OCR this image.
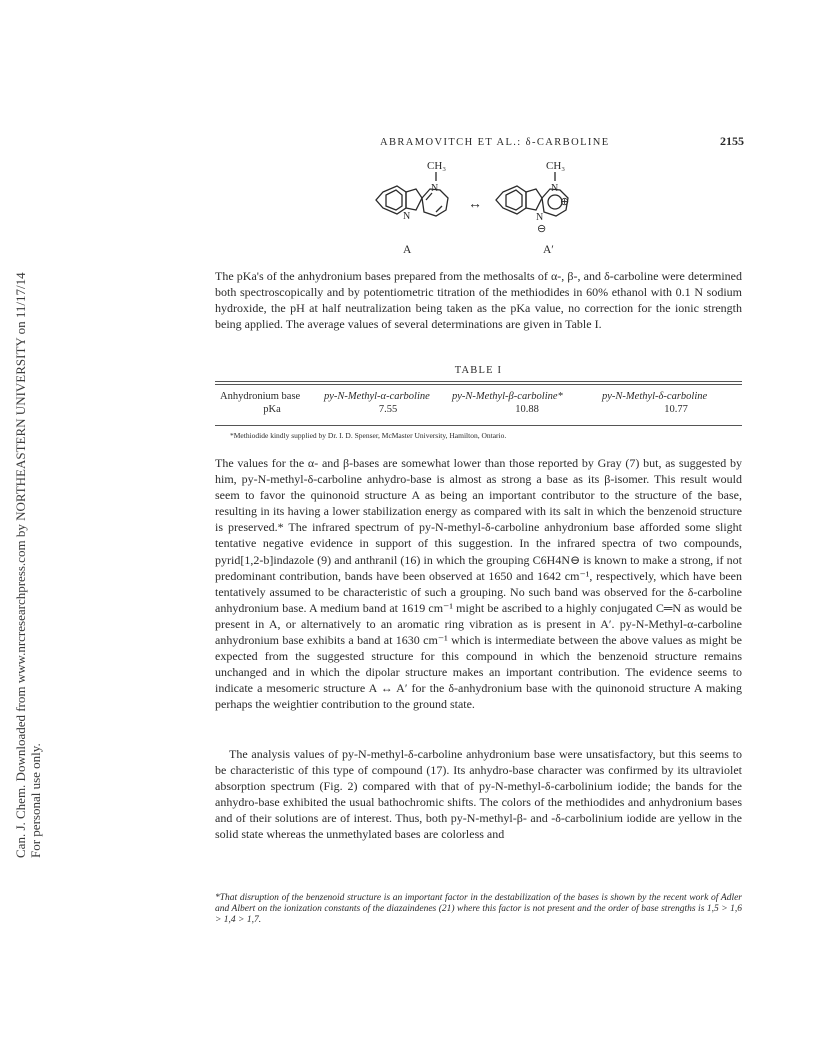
ABRAMOVITCH ET AL.: δ-CARBOLINE	2155
Can. J. Chem. Downloaded from www.nrcresearchpress.com by NORTHEASTERN UNIVERSITY on 11/17/14 For personal use only.
CH₃
N
N
↔
CH₃
N
⊕
N
⊖
A	A′

The pKa's of the anhydronium bases prepared from the methosalts of α-, β-, and δ-carboline were determined both spectroscopically and by potentiometric titration of the methiodides in 60% ethanol with 0.1 N sodium hydroxide, the pH at half neutralization being taken as the pKa value, no correction for the ionic strength being applied. The average values of several determinations are given in Table I.

TABLE I
Anhydronium base	py-N-Methyl-α-carboline	py-N-Methyl-β-carboline*	py-N-Methyl-δ-carboline
pKa	7.55	10.88	10.77
*Methiodide kindly supplied by Dr. I. D. Spenser, McMaster University, Hamilton, Ontario.

The values for the α- and β-bases are somewhat lower than those reported by Gray (7) but, as suggested by him, py-N-methyl-δ-carboline anhydro-base is almost as strong a base as its β-isomer. This result would seem to favor the quinonoid structure A as being an important contributor to the structure of the base, resulting in its having a lower stabilization energy as compared with its salt in which the benzenoid structure is preserved.* The infrared spectrum of py-N-methyl-δ-carboline anhydronium base afforded some slight tentative negative evidence in support of this suggestion. In the infrared spectra of two compounds, pyrid[1,2-b]indazole (9) and anthranil (16) in which the grouping C6H4N⊖ is known to make a strong, if not predominant contribution, bands have been observed at 1650 and 1642 cm⁻¹, respectively, which have been tentatively assumed to be characteristic of such a grouping. No such band was observed for the δ-carboline anhydronium base. A medium band at 1619 cm⁻¹ might be ascribed to a highly conjugated C═N as would be present in A, or alternatively to an aromatic ring vibration as is present in A′. py-N-Methyl-α-carboline anhydronium base exhibits a band at 1630 cm⁻¹ which is intermediate between the above values as might be expected from the suggested structure for this compound in which the benzenoid structure remains unchanged and in which the dipolar structure makes an important contribution. The evidence seems to indicate a mesomeric structure A ↔ A′ for the δ-anhydronium base with the quinonoid structure A making perhaps the weightier contribution to the ground state.

The analysis values of py-N-methyl-δ-carboline anhydronium base were unsatisfactory, but this seems to be characteristic of this type of compound (17). Its anhydro-base character was confirmed by its ultraviolet absorption spectrum (Fig. 2) compared with that of py-N-methyl-δ-carbolinium iodide; the bands for the anhydro-base exhibited the usual bathochromic shifts. The colors of the methiodides and anhydronium bases and of their solutions are of interest. Thus, both py-N-methyl-β- and -δ-carbolinium iodide are yellow in the solid state whereas the unmethylated bases are colorless and

*That disruption of the benzenoid structure is an important factor in the destabilization of the bases is shown by the recent work of Adler and Albert on the ionization constants of the diazaindenes (21) where this factor is not present and the order of base strengths is 1,5 > 1,6 > 1,4 > 1,7.
